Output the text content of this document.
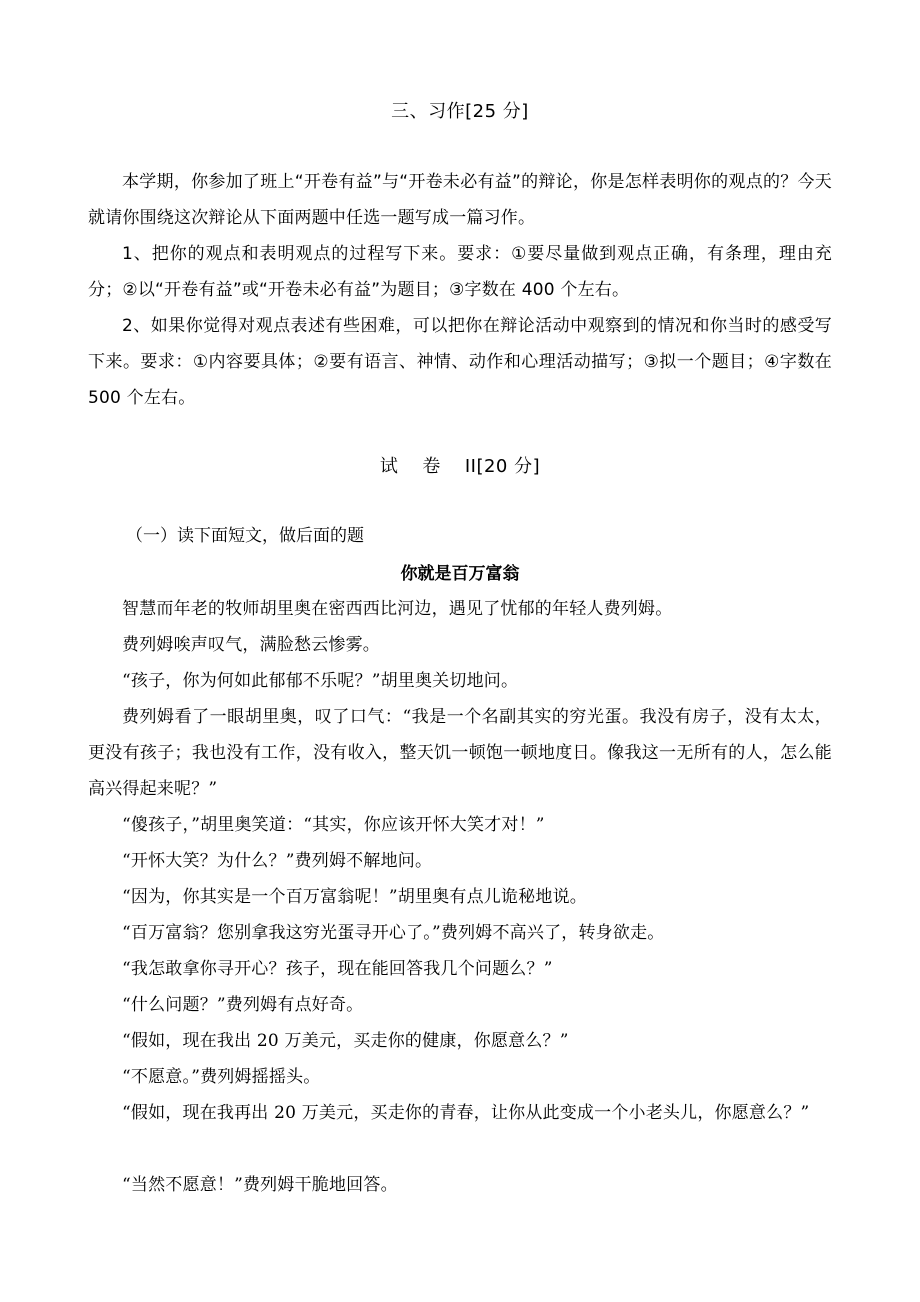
三、习作[25 分]
本学期，你参加了班上“开卷有益”与“开卷未必有益”的辩论，你是怎样表明你的观点的？今天就请你围绕这次辩论从下面两题中任选一题写成一篇习作。
1、把你的观点和表明观点的过程写下来。要求：①要尽量做到观点正确，有条理，理由充分；②以“开卷有益”或“开卷未必有益”为题目；③字数在 400 个左右。
2、如果你觉得对观点表述有些困难，可以把你在辩论活动中观察到的情况和你当时的感受写下来。要求：①内容要具体；②要有语言、神情、动作和心理活动描写；③拟一个题目；④字数在 500 个左右。
试 卷 II[20 分]
（一）读下面短文，做后面的题
你就是百万富翁
智慧而年老的牧师胡里奥在密西西比河边，遇见了忧郁的年轻人费列姆。
费列姆唉声叹气，满脸愁云惨雾。
“孩子，你为何如此郁郁不乐呢？”胡里奥关切地问。
费列姆看了一眼胡里奥，叹了口气：“我是一个名副其实的穷光蛋。我没有房子，没有太太，更没有孩子；我也没有工作，没有收入，整天饥一顿饱一顿地度日。像我这一无所有的人，怎么能高兴得起来呢？”
“傻孩子，”胡里奥笑道：“其实，你应该开怀大笑才对！”
“开怀大笑？为什么？”费列姆不解地问。
“因为，你其实是一个百万富翁呢！”胡里奥有点儿诡秘地说。
“百万富翁？您别拿我这穷光蛋寻开心了。”费列姆不高兴了，转身欲走。
“我怎敢拿你寻开心？孩子，现在能回答我几个问题么？”
“什么问题？”费列姆有点好奇。
“假如，现在我出 20 万美元，买走你的健康，你愿意么？”
“不愿意。”费列姆摇摇头。
“假如，现在我再出 20 万美元，买走你的青春，让你从此变成一个小老头儿，你愿意么？”
“当然不愿意！”费列姆干脆地回答。
